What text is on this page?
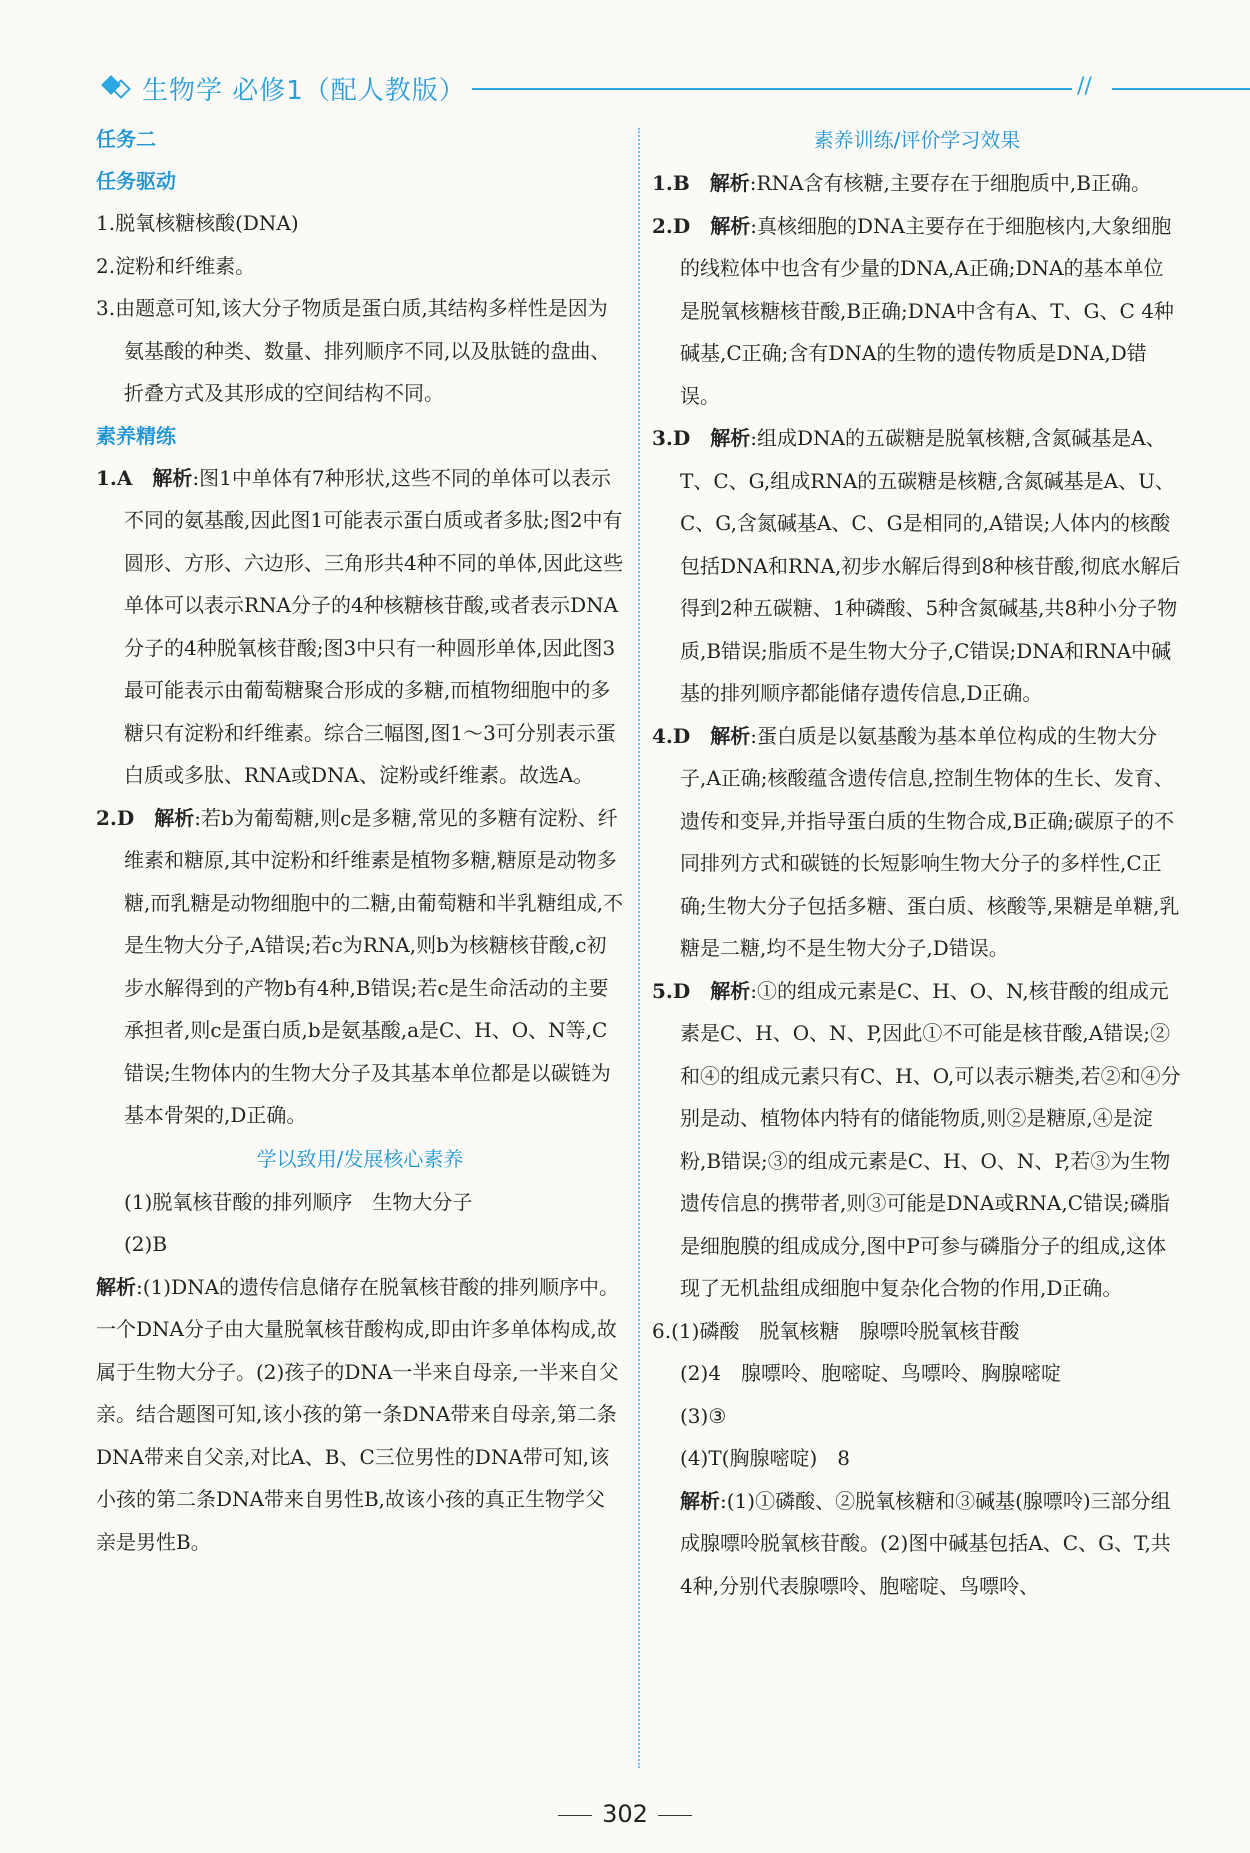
生物学 必修1（配人教版）	//

任务二

任务驱动

1.脱氧核糖核酸(DNA)

2.淀粉和纤维素。

3.由题意可知,该大分子物质是蛋白质,其结构多样性是因为氨基酸的种类、数量、排列顺序不同,以及肽链的盘曲、折叠方式及其形成的空间结构不同。

素养精练

1.A　 解析:图1中单体有7种形状,这些不同的单体可以表示不同的氨基酸,因此图1可能表示蛋白质或者多肽;图2中有圆形、方形、六边形、三角形共4种不同的单体,因此这些单体可以表示RNA分子的4种核糖核苷酸,或者表示DNA分子的4种脱氧核苷酸;图3中只有一种圆形单体,因此图3最可能表示由葡萄糖聚合形成的多糖,而植物细胞中的多糖只有淀粉和纤维素。综合三幅图,图1～3可分别表示蛋白质或多肽、RNA或DNA、淀粉或纤维素。故选A。

2.D　 解析:若b为葡萄糖,则c是多糖,常见的多糖有淀粉、纤维素和糖原,其中淀粉和纤维素是植物多糖,糖原是动物多糖,而乳糖是动物细胞中的二糖,由葡萄糖和半乳糖组成,不是生物大分子,A错误;若c为RNA,则b为核糖核苷酸,c初步水解得到的产物b有4种,B错误;若c是生命活动的主要承担者,则c是蛋白质,b是氨基酸,a是C、H、O、N等,C错误;生物体内的生物大分子及其基本单位都是以碳链为基本骨架的,D正确。

学以致用/发展核心素养

(1)脱氧核苷酸的排列顺序　生物大分子

(2)B

解析:(1)DNA的遗传信息储存在脱氧核苷酸的排列顺序中。一个DNA分子由大量脱氧核苷酸构成,即由许多单体构成,故属于生物大分子。(2)孩子的DNA一半来自母亲,一半来自父亲。结合题图可知,该小孩的第一条DNA带来自母亲,第二条DNA带来自父亲,对比A、B、C三位男性的DNA带可知,该小孩的第二条DNA带来自男性B,故该小孩的真正生物学父亲是男性B。

素养训练/评价学习效果

1.B　 解析:RNA含有核糖,主要存在于细胞质中,B正确。

2.D　 解析:真核细胞的DNA主要存在于细胞核内,大象细胞的线粒体中也含有少量的DNA,A正确;DNA的基本单位是脱氧核糖核苷酸,B正确;DNA中含有A、T、G、C 4种碱基,C正确;含有DNA的生物的遗传物质是DNA,D错误。

3.D　 解析:组成DNA的五碳糖是脱氧核糖,含氮碱基是A、T、C、G,组成RNA的五碳糖是核糖,含氮碱基是A、U、C、G,含氮碱基A、C、G是相同的,A错误;人体内的核酸包括DNA和RNA,初步水解后得到8种核苷酸,彻底水解后得到2种五碳糖、1种磷酸、5种含氮碱基,共8种小分子物质,B错误;脂质不是生物大分子,C错误;DNA和RNA中碱基的排列顺序都能储存遗传信息,D正确。

4.D　 解析:蛋白质是以氨基酸为基本单位构成的生物大分子,A正确;核酸蕴含遗传信息,控制生物体的生长、发育、遗传和变异,并指导蛋白质的生物合成,B正确;碳原子的不同排列方式和碳链的长短影响生物大分子的多样性,C正确;生物大分子包括多糖、蛋白质、核酸等,果糖是单糖,乳糖是二糖,均不是生物大分子,D错误。

5.D　 解析:①的组成元素是C、H、O、N,核苷酸的组成元素是C、H、O、N、P,因此①不可能是核苷酸,A错误;②和④的组成元素只有C、H、O,可以表示糖类,若②和④分别是动、植物体内特有的储能物质,则②是糖原,④是淀粉,B错误;③的组成元素是C、H、O、N、P,若③为生物遗传信息的携带者,则③可能是DNA或RNA,C错误;磷脂是细胞膜的组成成分,图中P可参与磷脂分子的组成,这体现了无机盐组成细胞中复杂化合物的作用,D正确。

6.(1)磷酸　脱氧核糖　腺嘌呤脱氧核苷酸

(2)4　腺嘌呤、胞嘧啶、鸟嘌呤、胸腺嘧啶

(3)③

(4)T(胸腺嘧啶)　8

解析:(1)①磷酸、②脱氧核糖和③碱基(腺嘌呤)三部分组成腺嘌呤脱氧核苷酸。(2)图中碱基包括A、C、G、T,共4种,分别代表腺嘌呤、胞嘧啶、鸟嘌呤、

302
